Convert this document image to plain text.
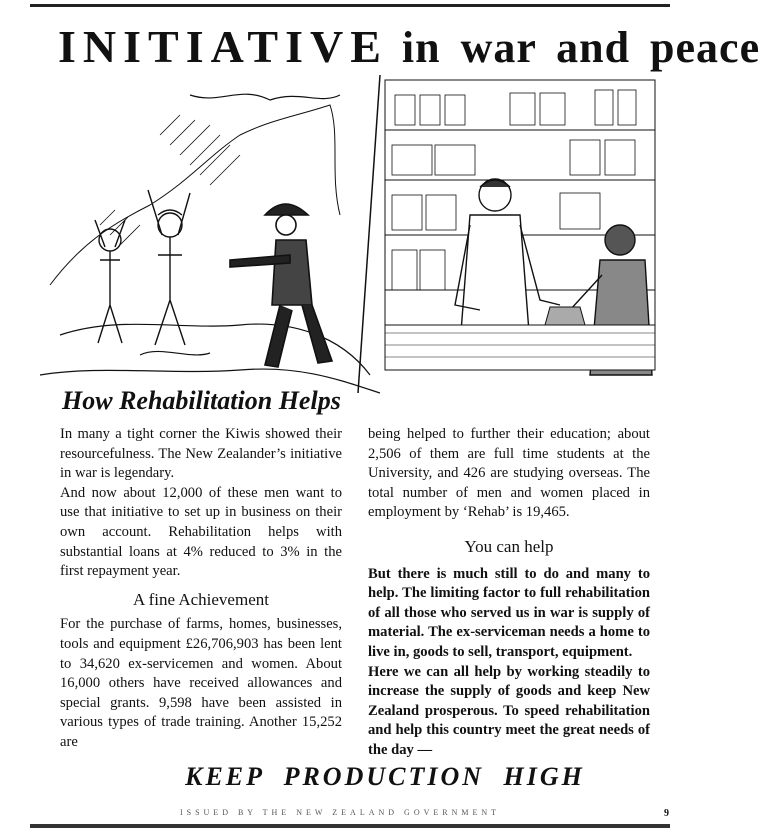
INITIATIVE in war and peace
How Rehabilitation Helps

In many a tight corner the Kiwis showed their resourcefulness. The New Zealander’s initiative in war is legendary.

And now about 12,000 of these men want to use that initiative to set up in business on their own account. Rehabilitation helps with substantial loans at 4% reduced to 3% in the first repayment year.

A fine Achievement

For the purchase of farms, homes, businesses, tools and equipment £26,706,903 has been lent to 34,620 ex-servicemen and women. About 16,000 others have received allowances and special grants. 9,598 have been assisted in various types of trade training. Another 15,252 are

being helped to further their education; about 2,506 of them are full time students at the University, and 426 are studying overseas. The total number of men and women placed in employment by ‘Rehab’ is 19,465.

You can help

But there is much still to do and many to help. The limiting factor to full rehabilitation of all those who served us in war is supply of material. The ex-serviceman needs a home to live in, goods to sell, transport, equipment.

Here we can all help by working steadily to increase the supply of goods and keep New Zealand prosperous. To speed rehabilitation and help this country meet the great needs of the day —

KEEP PRODUCTION HIGH
ISSUED BY THE NEW ZEALAND GOVERNMENT	9
